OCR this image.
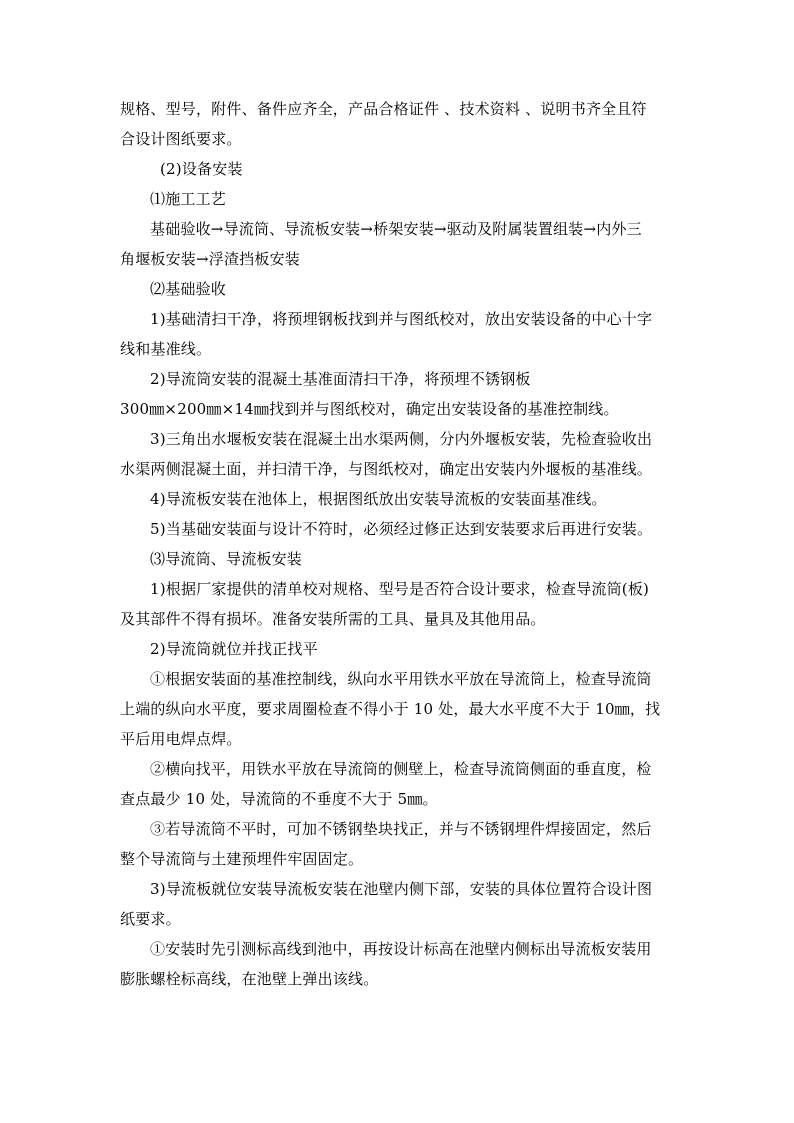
规格、型号，附件、备件应齐全，产品合格证件 、技术资料 、说明书齐全且符

合设计图纸要求。

(2)设备安装

⑴施工工艺

基础验收→导流筒、导流板安装→桥架安装→驱动及附属装置组装→内外三

角堰板安装→浮渣挡板安装

⑵基础验收

1)基础清扫干净，将预埋钢板找到并与图纸校对，放出安装设备的中心十字

线和基准线。

2)导流筒安装的混凝土基准面清扫干净，将预埋不锈钢板

300㎜×200㎜×14㎜找到并与图纸校对，确定出安装设备的基准控制线。

3)三角出水堰板安装在混凝土出水渠两侧，分内外堰板安装，先检查验收出

水渠两侧混凝土面，并扫清干净，与图纸校对，确定出安装内外堰板的基准线。

4)导流板安装在池体上，根据图纸放出安装导流板的安装面基准线。

5)当基础安装面与设计不符时，必须经过修正达到安装要求后再进行安装。

⑶导流筒、导流板安装

1)根据厂家提供的清单校对规格、型号是否符合设计要求，检查导流筒(板)

及其部件不得有损坏。准备安装所需的工具、量具及其他用品。

2)导流筒就位并找正找平

①根据安装面的基准控制线，纵向水平用铁水平放在导流筒上，检查导流筒

上端的纵向水平度，要求周圈检查不得小于 10 处，最大水平度不大于 10㎜，找

平后用电焊点焊。

②横向找平，用铁水平放在导流筒的侧壁上，检查导流筒侧面的垂直度，检

查点最少 10 处，导流筒的不垂度不大于 5㎜。

③若导流筒不平时，可加不锈钢垫块找正，并与不锈钢埋件焊接固定，然后

整个导流筒与土建预埋件牢固固定。

3)导流板就位安装导流板安装在池壁内侧下部，安装的具体位置符合设计图

纸要求。

①安装时先引测标高线到池中，再按设计标高在池壁内侧标出导流板安装用

膨胀螺栓标高线，在池壁上弹出该线。
